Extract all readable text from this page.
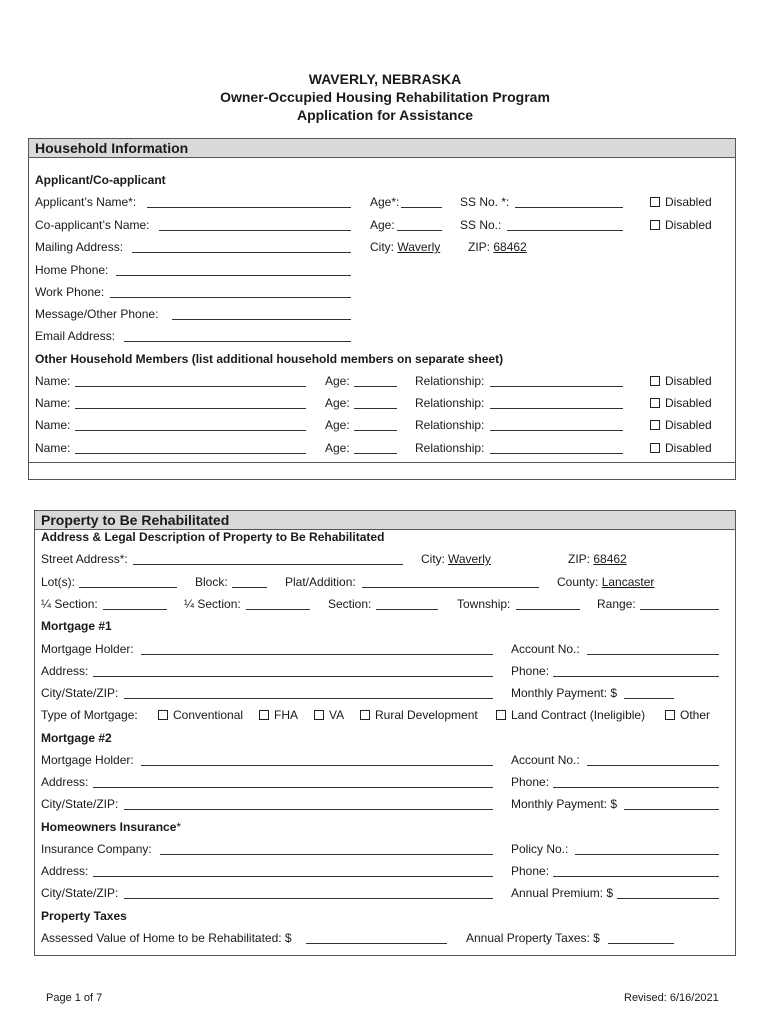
WAVERLY, NEBRASKA
Owner-Occupied Housing Rehabilitation Program
Application for Assistance
Household Information
Applicant/Co-applicant
Applicant’s Name*:	Age*:	SS No. *:	Disabled
Co-applicant’s Name:	Age:	SS No.:	Disabled
Mailing Address:	City: Waverly ZIP: 68462
Home Phone:
Work Phone:
Message/Other Phone:
Email Address:
Other Household Members (list additional household members on separate sheet)
Name:	Age:	Relationship:	Disabled
Name:	Age:	Relationship:	Disabled
Name:	Age:	Relationship:	Disabled
Name:	Age:	Relationship:	Disabled
Property to Be Rehabilitated
Address & Legal Description of Property to Be Rehabilitated
Street Address*:	City: Waverly	ZIP: 68462
Lot(s):	Block:	Plat/Addition:	County: Lancaster
¼ Section:	¼ Section:	Section:	Township:	Range:
Mortgage #1
Mortgage Holder:	Account No.:
Address:	Phone:
City/State/ZIP:	Monthly Payment: $
Type of Mortgage:	Conventional	FHA	VA	Rural Development	Land Contract (Ineligible)	Other
Mortgage #2
Mortgage Holder:	Account No.:
Address:	Phone:
City/State/ZIP:	Monthly Payment: $
Homeowners Insurance*
Insurance Company:	Policy No.:
Address:	Phone:
City/State/ZIP:	Annual Premium: $
Property Taxes
Assessed Value of Home to be Rehabilitated: $	Annual Property Taxes: $
Page 1 of 7	Revised: 6/16/2021
